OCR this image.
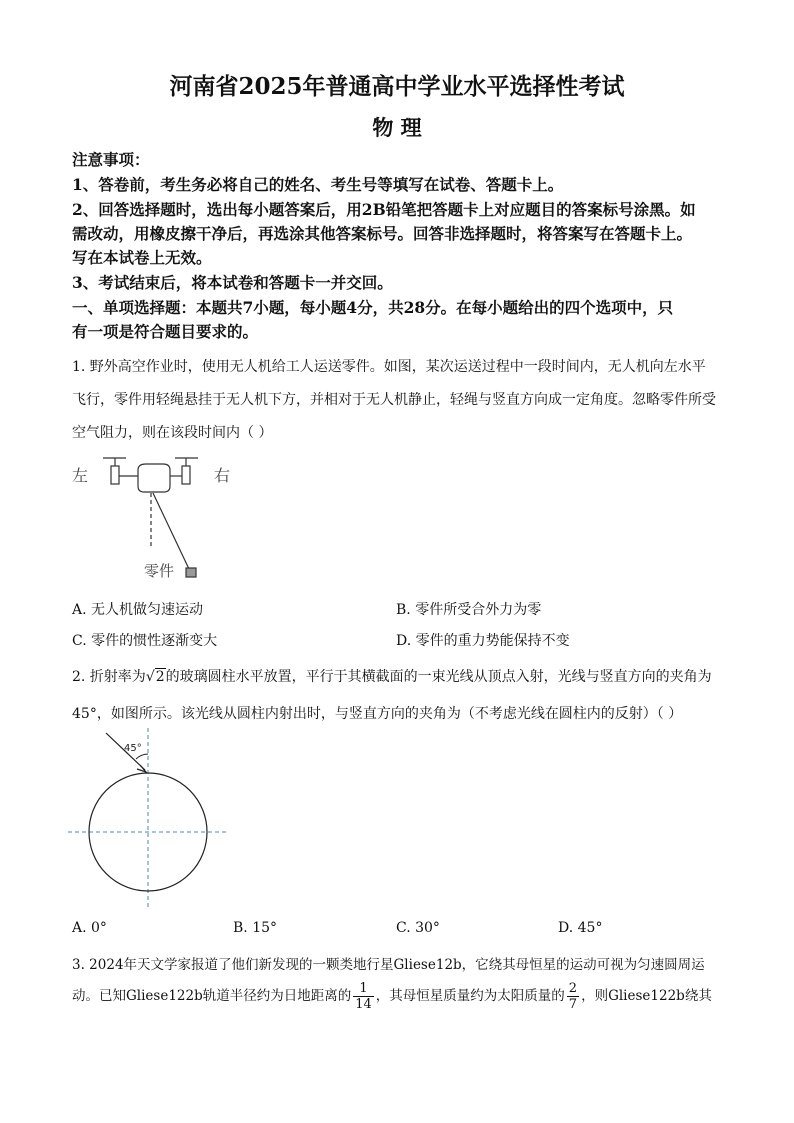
河南省2025年普通高中学业水平选择性考试
物 理
注意事项：
1、答卷前，考生务必将自己的姓名、考生号等填写在试卷、答题卡上。
2、回答选择题时，选出每小题答案后，用2B铅笔把答题卡上对应题目的答案标号涂黑。如
需改动，用橡皮擦干净后，再选涂其他答案标号。回答非选择题时，将答案写在答题卡上。
写在本试卷上无效。
3、考试结束后，将本试卷和答题卡一并交回。
一、单项选择题：本题共7小题，每小题4分，共28分。在每小题给出的四个选项中，只
有一项是符合题目要求的。
1. 野外高空作业时，使用无人机给工人运送零件。如图，某次运送过程中一段时间内，无人机向左水平
飞行，零件用轻绳悬挂于无人机下方，并相对于无人机静止，轻绳与竖直方向成一定角度。忽略零件所受
空气阻力，则在该段时间内（ ）
左	右
零件
A. 无人机做匀速运动	B. 零件所受合外力为零
C. 零件的惯性逐渐变大	D. 零件的重力势能保持不变
2. 折射率为√2的玻璃圆柱水平放置，平行于其横截面的一束光线从顶点入射，光线与竖直方向的夹角为
45°，如图所示。该光线从圆柱内射出时，与竖直方向的夹角为（不考虑光线在圆柱内的反射）（ ）
45°
A. 0°	B. 15°	C. 30°	D. 45°
3. 2024年天文学家报道了他们新发现的一颗类地行星Gliese12b，它绕其母恒星的运动可视为匀速圆周运
动。已知Gliese122b轨道半径约为日地距离的 $\frac{1}{14}$ ，其母恒星质量约为太阳质量的 $\frac{2}{7}$ ，则Gliese122b绕其
